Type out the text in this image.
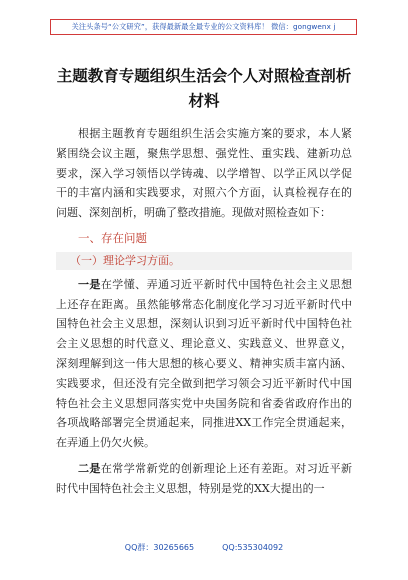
关注头条号“公文研究”，获得最新最全最专业的公文资料库！ 微信：gongwenx j
主题教育专题组织生活会个人对照检查剖析材料

根据主题教育专题组织生活会实施方案的要求，本人紧紧围绕会议主题，聚焦学思想、强党性、重实践、建新功总要求，深入学习领悟以学铸魂、以学增智、以学正风以学促干的丰富内涵和实践要求，对照六个方面，认真检视存在的问题、深刻剖析，明确了整改措施。现做对照检查如下：

一、存在问题
（一）理论学习方面。

一是在学懂、弄通习近平新时代中国特色社会主义思想上还存在距离。虽然能够常态化制度化学习习近平新时代中国特色社会主义思想，深刻认识到习近平新时代中国特色社会主义思想的时代意义、理论意义、实践意义、世界意义，深刻理解到这一伟大思想的核心要义、精神实质丰富内涵、实践要求，但还没有完全做到把学习领会习近平新时代中国特色社会主义思想同落实党中央国务院和省委省政府作出的各项战略部署完全贯通起来，同推进XX工作完全贯通起来，在弄通上仍欠火候。

二是在常学常新党的创新理论上还有差距。对习近平新时代中国特色社会主义思想，特别是党的XX大提出的一

QQ群：30265665	QQ:535304092
